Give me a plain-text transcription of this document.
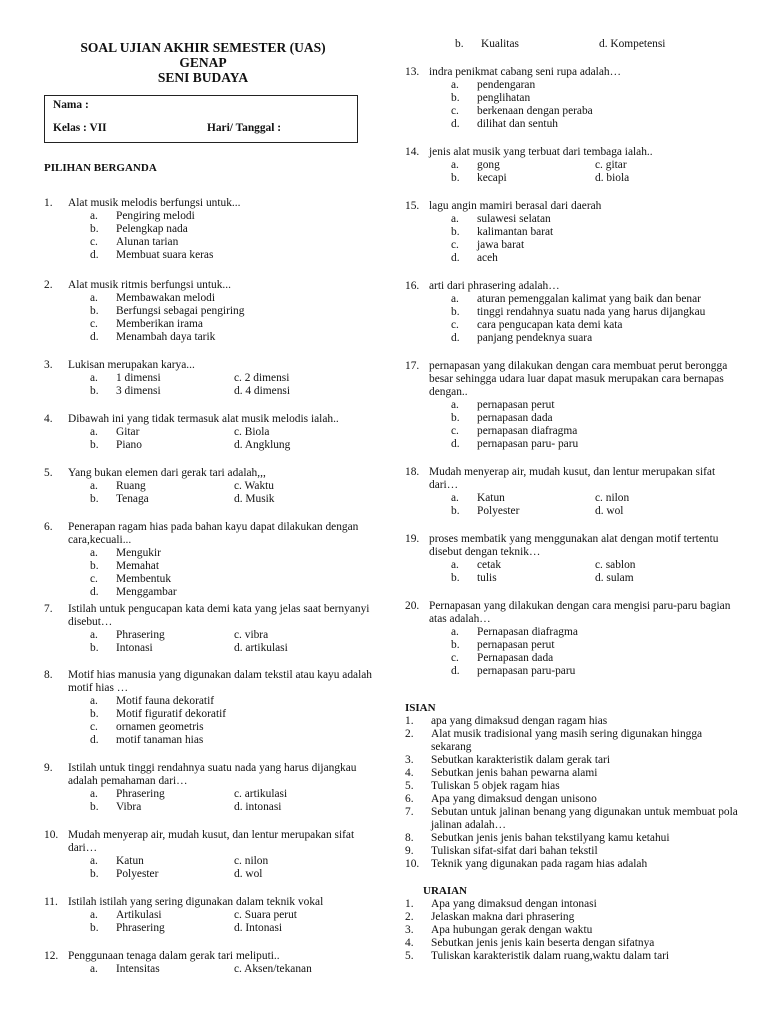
SOAL UJIAN AKHIR SEMESTER (UAS)
GENAP
SENI BUDAYA
Nama :
Kelas : VII	Hari/ Tanggal :
PILIHAN BERGANDA
1.	Alat musik melodis berfungsi untuk...
a.	Pengiring melodi
b.	Pelengkap nada
c.	Alunan tarian
d.	Membuat suara keras
2.	Alat musik ritmis berfungsi untuk...
a.	Membawakan melodi
b.	Berfungsi sebagai pengiring
c.	Memberikan irama
d.	Menambah daya tarik
3.	Lukisan merupakan karya...
a.	1 dimensi	c. 2 dimensi
b.	3 dimensi	d. 4 dimensi
4.	Dibawah ini yang tidak termasuk alat musik melodis ialah..
a.	Gitar	c. Biola
b.	Piano	d. Angklung
5.	Yang bukan elemen dari gerak tari adalah,,,
a.	Ruang	c. Waktu
b.	Tenaga	d. Musik
6.	Penerapan ragam hias pada bahan kayu dapat dilakukan dengan cara,kecuali...
a.	Mengukir
b.	Memahat
c.	Membentuk
d.	Menggambar
7.	Istilah untuk pengucapan kata demi kata yang jelas saat bernyanyi disebut…
a.	Phrasering	c. vibra
b.	Intonasi	d. artikulasi
8.	Motif hias manusia yang digunakan dalam tekstil atau kayu adalah motif hias …
a.	Motif fauna dekoratif
b.	Motif figuratif dekoratif
c.	ornamen geometris
d.	motif tanaman hias
9.	Istilah untuk tinggi rendahnya suatu nada yang harus dijangkau adalah pemahaman dari…
a.	Phrasering	c. artikulasi
b.	Vibra	d. intonasi
10. Mudah menyerap air, mudah kusut, dan lentur merupakan sifat dari…
a.	Katun	c. nilon
b.	Polyester	d. wol
11. Istilah istilah yang sering digunakan dalam teknik vokal
a.	Artikulasi	c. Suara perut
b.	Phrasering	d. Intonasi
12. Penggunaan tenaga dalam gerak tari meliputi..
a.	Intensitas	c. Aksen/tekanan
b.	Kualitas	d. Kompetensi
13. indra penikmat cabang seni rupa adalah…
a.	pendengaran
b.	penglihatan
c.	berkenaan dengan peraba
d.	dilihat dan sentuh
14. jenis alat musik yang terbuat dari tembaga ialah..
a.	gong	c. gitar
b.	kecapi	d. biola
15. lagu angin mamiri berasal dari daerah
a.	sulawesi selatan
b.	kalimantan barat
c.	jawa barat
d.	aceh
16. arti dari phrasering adalah…
a.	aturan pemenggalan kalimat yang baik dan benar
b.	tinggi rendahnya suatu nada yang harus dijangkau
c.	cara pengucapan kata demi kata
d.	panjang pendeknya suara
17. pernapasan yang dilakukan dengan cara membuat perut berongga besar sehingga udara luar dapat masuk merupakan cara bernapas dengan..
a.	pernapasan perut
b.	pernapasan dada
c.	pernapasan diafragma
d.	pernapasan paru- paru
18. Mudah menyerap air, mudah kusut, dan lentur merupakan sifat dari…
a.	Katun	c. nilon
b.	Polyester	d. wol
19. proses membatik yang menggunakan alat dengan motif tertentu disebut dengan teknik…
a.	cetak	c. sablon
b.	tulis	d. sulam
20. Pernapasan yang dilakukan dengan cara mengisi paru-paru bagian atas adalah…
a.	Pernapasan diafragma
b.	pernapasan perut
c.	Pernapasan dada
d.	pernapasan paru-paru
ISIAN
1.	apa yang dimaksud dengan ragam hias
2.	Alat musik tradisional yang masih sering digunakan hingga sekarang
3.	Sebutkan karakteristik dalam gerak tari
4.	Sebutkan jenis bahan pewarna alami
5.	Tuliskan 5 objek ragam hias
6.	Apa yang dimaksud dengan unisono
7.	Sebutan untuk jalinan benang yang digunakan untuk membuat pola jalinan adalah…
8.	Sebutkan jenis jenis bahan tekstilyang kamu ketahui
9.	Tuliskan sifat-sifat dari bahan tekstil
10.	Teknik yang digunakan pada ragam hias adalah
URAIAN
1.	Apa yang dimaksud dengan intonasi
2.	Jelaskan makna dari phrasering
3.	Apa hubungan gerak dengan waktu
4.	Sebutkan jenis jenis kain beserta dengan sifatnya
5.	Tuliskan karakteristik dalam ruang,waktu dalam tari
